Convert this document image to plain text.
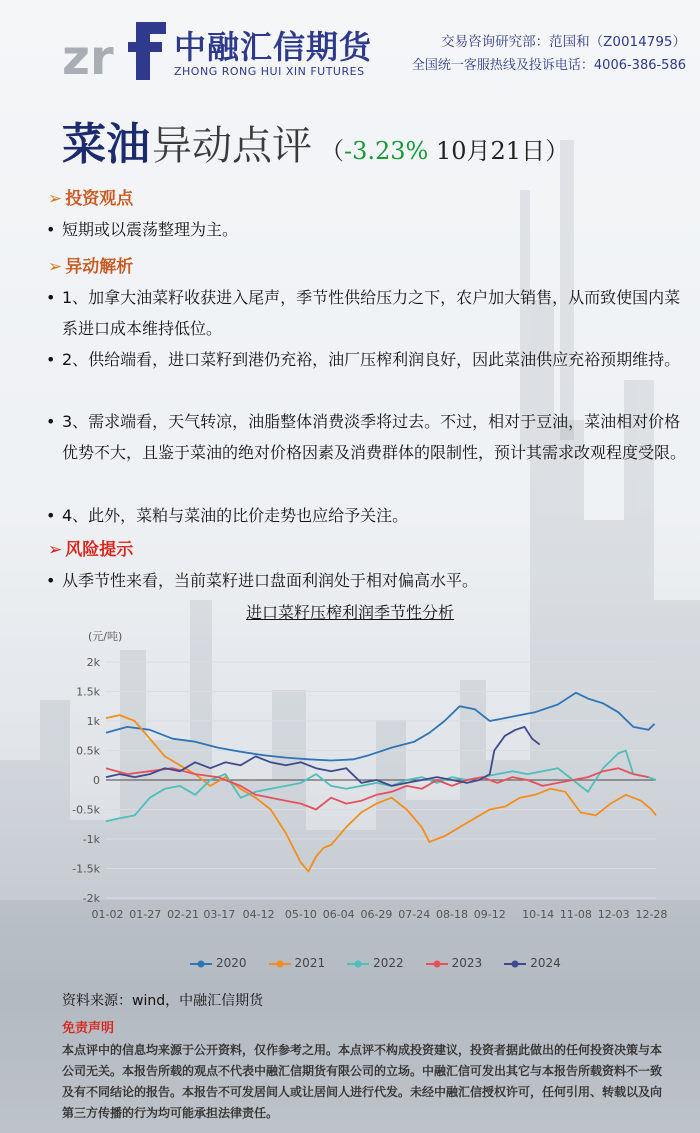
zr 中融汇信期货
ZHONG RONG HUI XIN FUTURES
交易咨询研究部：范国和（Z0014795）
全国统一客服热线及投诉电话：4006-386-586
菜油异动点评 （-3.23% 10月21日）
➢ 投资观点
• 短期或以震荡整理为主。
➢ 异动解析
• 1、加拿大油菜籽收获进入尾声，季节性供给压力之下，农户加大销售，从而致使国内菜系进口成本维持低位。
• 2、供给端看，进口菜籽到港仍充裕，油厂压榨利润良好，因此菜油供应充裕预期维持。
• 3、需求端看，天气转凉，油脂整体消费淡季将过去。不过，相对于豆油，菜油相对价格优势不大，且鉴于菜油的绝对价格因素及消费群体的限制性，预计其需求改观程度受限。
• 4、此外，菜粕与菜油的比价走势也应给予关注。
➢ 风险提示
• 从季节性来看，当前菜籽进口盘面利润处于相对偏高水平。
进口菜籽压榨利润季节性分析
(元/吨)
-2k
-1.5k
-1k
-0.5k
0
0.5k
1k
1.5k
2k
01-02 01-27 02-21 03-17 04-12 05-10 06-04 06-29 07-24 08-18 09-12 10-14 11-08 12-03 12-28
2020	2021	2022	2023	2024
资料来源：wind，中融汇信期货
免责声明
本点评中的信息均来源于公开资料，仅作参考之用。本点评不构成投资建议，投资者据此做出的任何投资决策与本公司无关。本报告所载的观点不代表中融汇信期货有限公司的立场。中融汇信可发出其它与本报告所载资料不一致及有不同结论的报告。本报告不可发居间人或让居间人进行代发。未经中融汇信授权许可，任何引用、转载以及向第三方传播的行为均可能承担法律责任。
